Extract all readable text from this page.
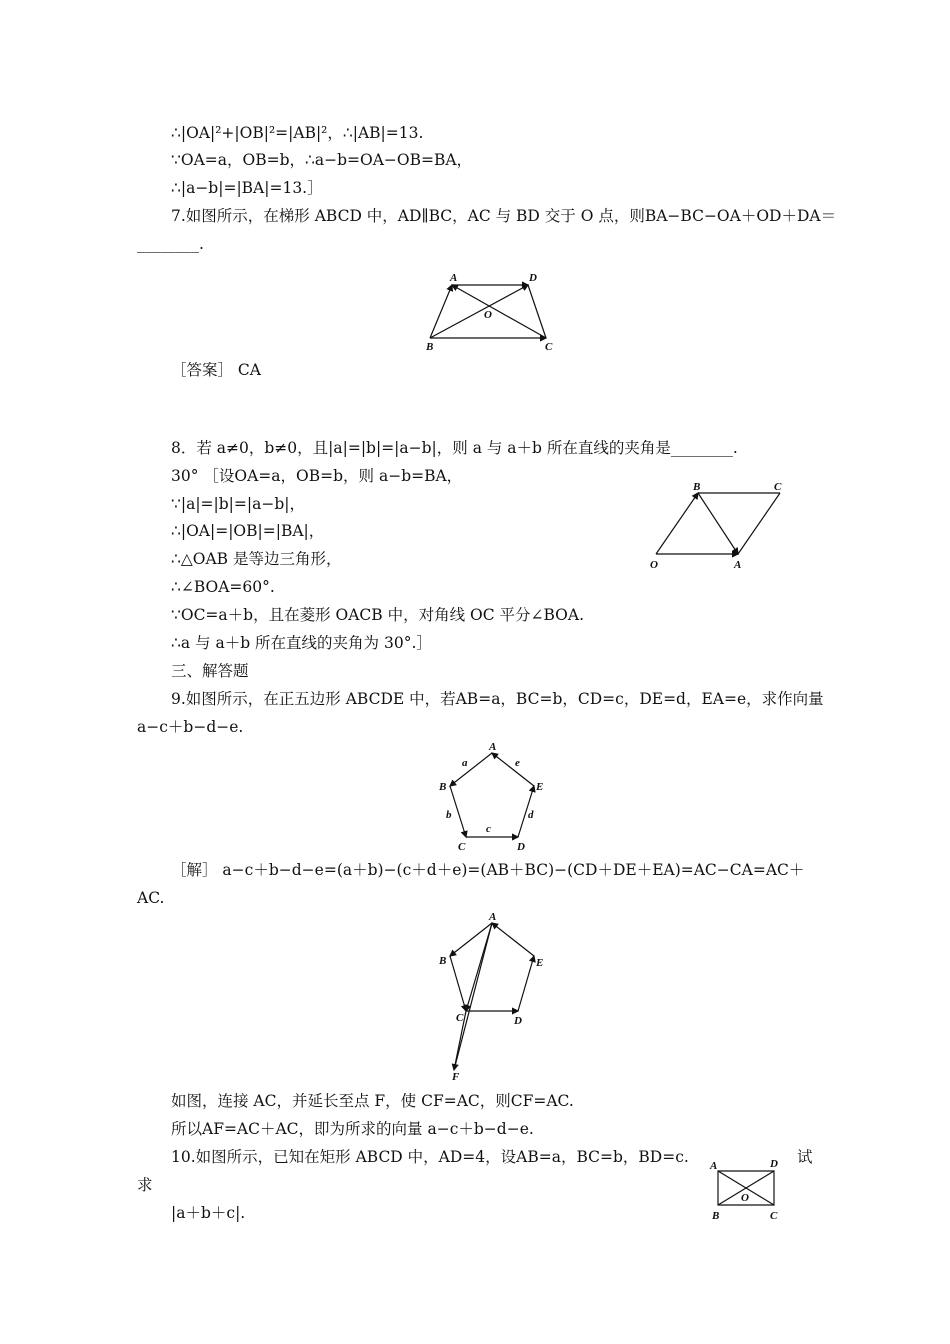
∴|OA|²+|OB|²=|AB|²，∴|AB|=13.
∵OA=a，OB=b，∴a−b=OA−OB=BA，
∴|a−b|=|BA|=13.］
7.如图所示，在梯形 ABCD 中，AD∥BC，AC 与 BD 交于 O 点，则BA−BC−OA＋OD＋DA＝
________.
A	D
O
B	C
［答案］ CA
8．若 a≠0，b≠0，且|a|=|b|=|a−b|，则 a 与 a＋b 所在直线的夹角是________.
30° ［设OA=a，OB=b，则 a−b=BA，
∵|a|=|b|=|a−b|，
∴|OA|=|OB|=|BA|，
∴△OAB 是等边三角形，
∴∠BOA=60°.
∵OC=a＋b，且在菱形 OACB 中，对角线 OC 平分∠BOA.
∴a 与 a＋b 所在直线的夹角为 30°.］
B	C
O	A
三、解答题
9.如图所示，在正五边形 ABCDE 中，若AB=a，BC=b，CD=c，DE=d，EA=e，求作向量
a−c＋b−d−e.
A
B
C	D
E
a
b
c
d
e
［解］ a−c＋b−d−e=(a＋b)−(c＋d＋e)=(AB＋BC)−(CD＋DE＋EA)=AC−CA=AC＋
AC.
A
B
C	D
E
F
如图，连接 AC，并延长至点 F，使 CF=AC，则CF=AC.
所以AF=AC＋AC，即为所求的向量 a−c＋b−d−e.
10.如图所示，已知在矩形 ABCD 中，AD=4，设AB=a，BC=b，BD=c.	试
求
|a＋b＋c|.
A	D
O
B	C
